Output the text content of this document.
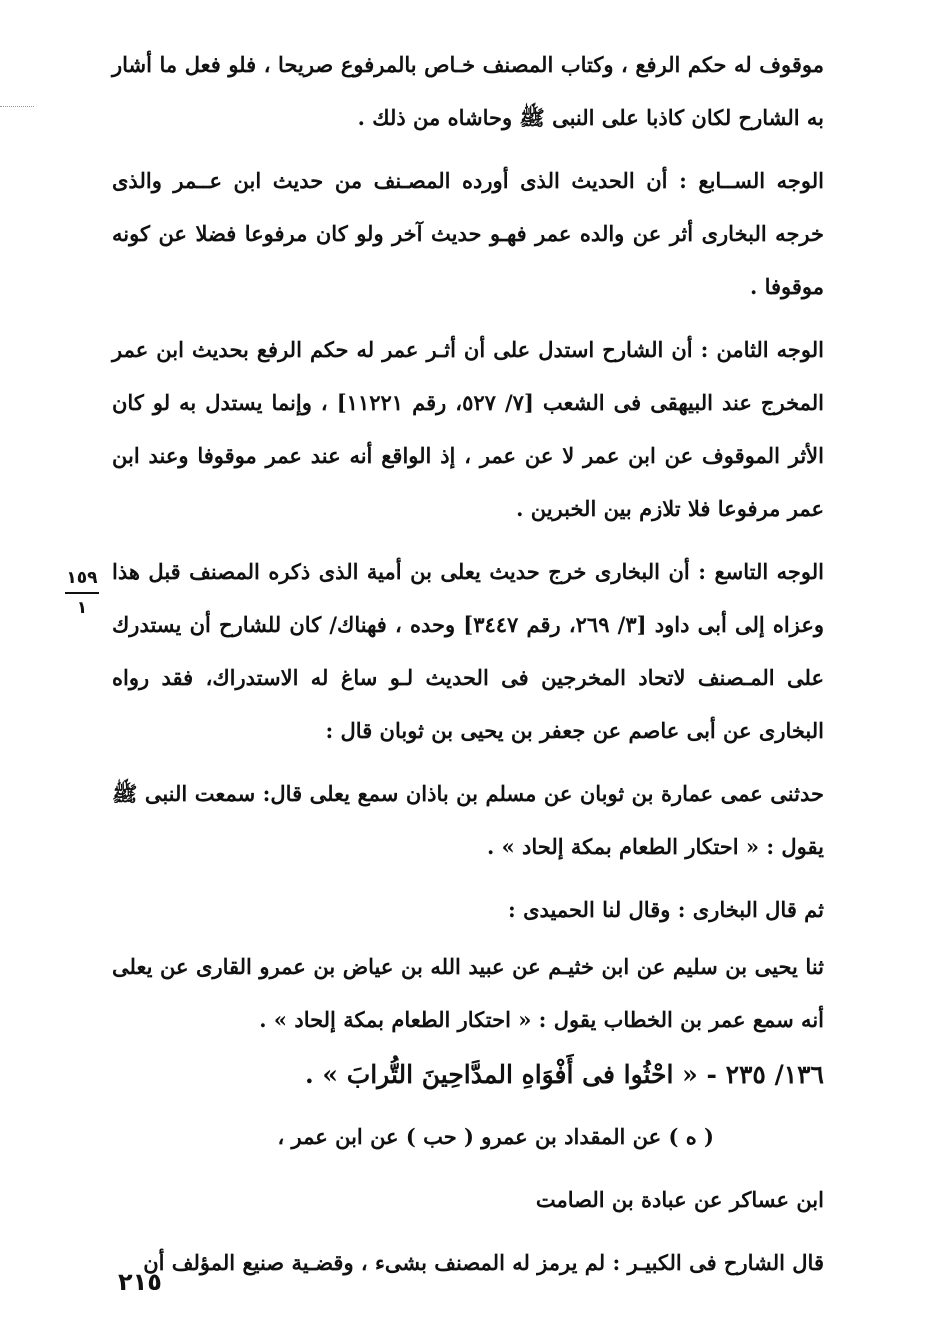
موقوف له حكم الرفع ، وكتاب المصنف خـاص بالمرفوع صريحا ، فلو فعل ما أشار به الشارح لكان كاذبا على النبى ﷺ وحاشاه من ذلك .

الوجه الســابع : أن الحديث الذى أورده المصـنف من حديث ابن عــمر والذى خرجه البخارى أثر عن والده عمر فهـو حديث آخر ولو كان مرفوعا فضلا عن كونه موقوفا .

الوجه الثامن : أن الشارح استدل على أن أثـر عمر له حكم الرفع بحديث ابن عمر المخرج عند البيهقى فى الشعب [٧/ ٥٢٧، رقم ١١٢٢١] ، وإنما يستدل به لو كان الأثر الموقوف عن ابن عمر لا عن عمر ، إذ الواقع أنه عند عمر موقوفا وعند ابن عمر مرفوعا فلا تلازم بين الخبرين .

الوجه التاسع : أن البخارى خرج حديث يعلى بن أمية الذى ذكره المصنف قبل هذا وعزاه إلى أبى داود [٣/ ٢٦٩، رقم ٣٤٤٧] وحده ، فهناك/ كان للشارح أن يستدرك على المـصنف لاتحاد المخرجين فى الحديث لـو ساغ له الاستدراك، فقد رواه البخارى عن أبى عاصم عن جعفر بن يحيى بن ثوبان قال :

حدثنى عمى عمارة بن ثوبان عن مسلم بن باذان سمع يعلى قال: سمعت النبى ﷺ يقول : « احتكار الطعام بمكة إلحاد » .

ثم قال البخارى : وقال لنا الحميدى :

ثنا يحيى بن سليم عن ابن خثيـم عن عبيد الله بن عياض بن عمرو القارى عن يعلى أنه سمع عمر بن الخطاب يقول : « احتكار الطعام بمكة إلحاد » .

١٣٦/ ٢٣٥ - « احْثُوا فى أَفْوَاهِ المدَّاحِينَ التُّرابَ » .

( ه ) عن المقداد بن عمرو ( حب ) عن ابن عمر ،

ابن عساكر عن عبادة بن الصامت

قال الشارح فى الكبيـر : لم يرمز له المصنف بشىء ، وقضـية صنيع المؤلف أن

١٥٩
١
٢١٥
